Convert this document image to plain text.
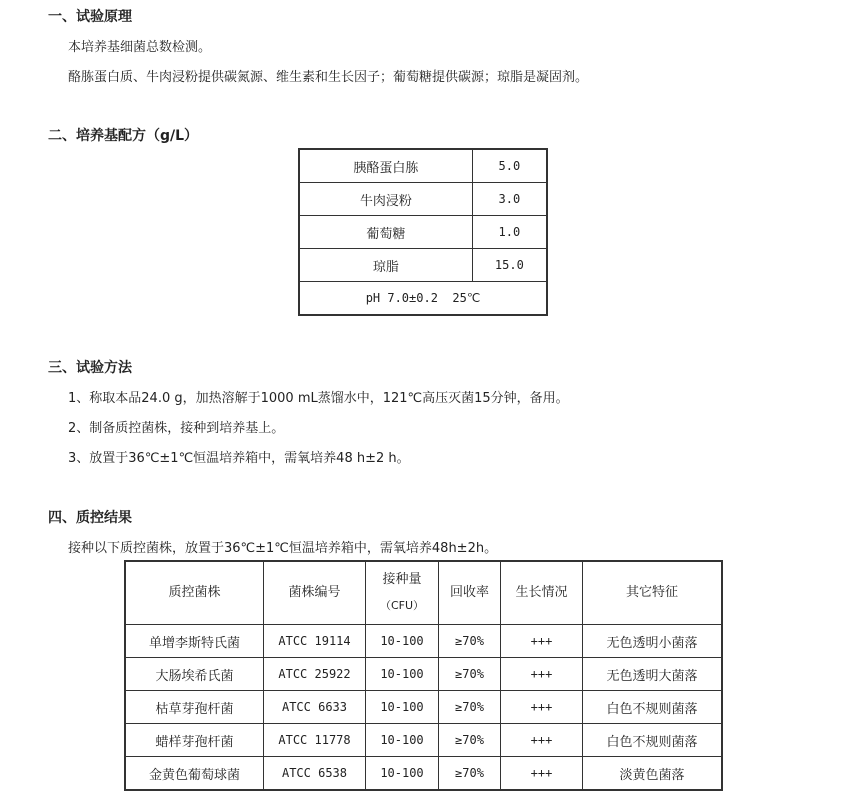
一、试验原理
本培养基细菌总数检测。
酪胨蛋白质、牛肉浸粉提供碳氮源、维生素和生长因子；葡萄糖提供碳源；琼脂是凝固剂。
二、培养基配方（g/L）
胰酪蛋白胨	5.0
牛肉浸粉	3.0
葡萄糖	1.0
琼脂	15.0
pH 7.0±0.2  25℃	
三、试验方法
1、称取本品24.0 g，加热溶解于1000 mL蒸馏水中，121℃高压灭菌15分钟，备用。
2、制备质控菌株，接种到培养基上。
3、放置于36℃±1℃恒温培养箱中，需氧培养48 h±2 h。
四、质控结果
接种以下质控菌株，放置于36℃±1℃恒温培养箱中，需氧培养48h±2h。
质控菌株	菌株编号	接种量
（CFU）	回收率	生长情况	其它特征
单增李斯特氏菌	ATCC 19114	10-100	≥70%	+++	无色透明小菌落
大肠埃希氏菌	ATCC 25922	10-100	≥70%	+++	无色透明大菌落
枯草芽孢杆菌	ATCC 6633	10-100	≥70%	+++	白色不规则菌落
蜡样芽孢杆菌	ATCC 11778	10-100	≥70%	+++	白色不规则菌落
金黄色葡萄球菌	ATCC 6538	10-100	≥70%	+++	淡黄色菌落
